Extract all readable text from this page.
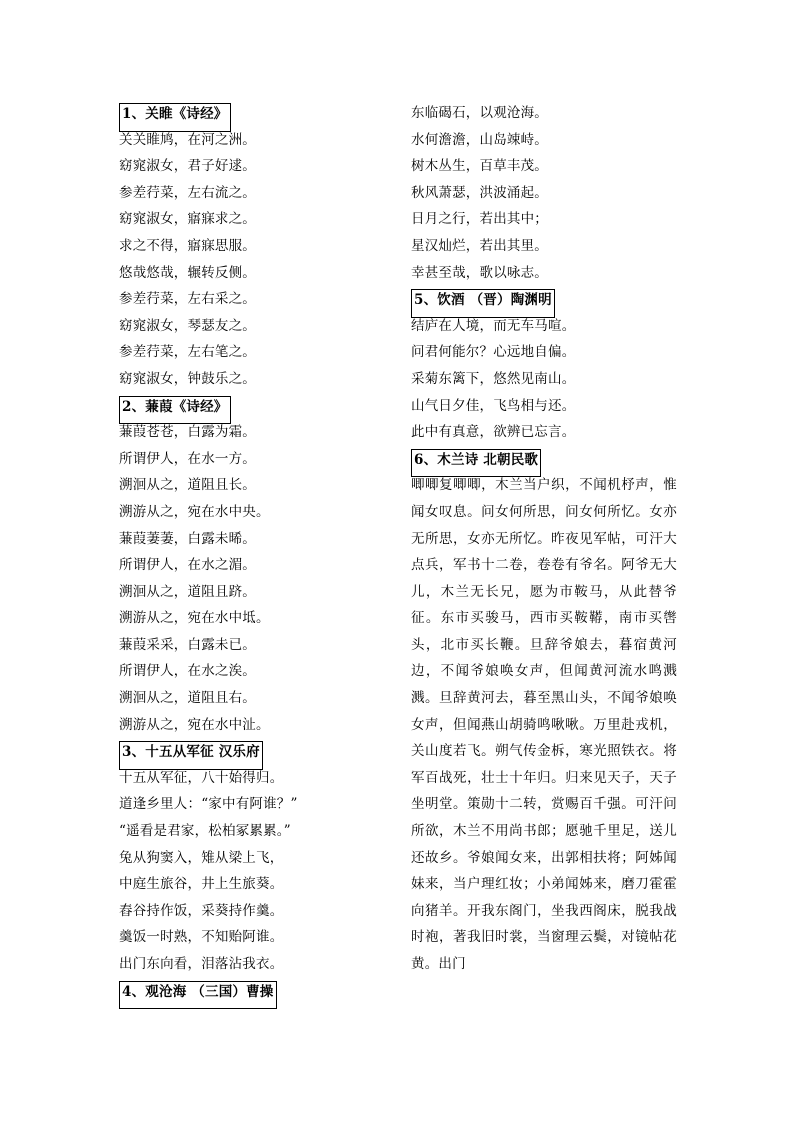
1、关睢《诗经》
关关睢鸠，在河之洲。
窈窕淑女，君子好逑。
参差荇菜，左右流之。
窈窕淑女，寤寐求之。
求之不得，寤寐思服。
悠哉悠哉，辗转反侧。
参差荇菜，左右采之。
窈窕淑女，琴瑟友之。
参差荇菜，左右笔之。
窈窕淑女，钟鼓乐之。
2、蒹葭《诗经》
蒹葭苍苍，白露为霜。
所谓伊人，在水一方。
溯洄从之，道阻且长。
溯游从之，宛在水中央。
蒹葭萋萋，白露未晞。
所谓伊人，在水之湄。
溯洄从之，道阻且跻。
溯游从之，宛在水中坻。
蒹葭采采，白露未已。
所谓伊人，在水之涘。
溯洄从之，道阻且右。
溯游从之，宛在水中沚。
3、十五从军征 汉乐府
十五从军征，八十始得归。
道逢乡里人：“家中有阿谁？”
“遥看是君家，松柏冢累累。”
兔从狗窦入，雉从梁上飞，
中庭生旅谷，井上生旅葵。
舂谷持作饭，采葵持作羹。
羹饭一时熟，不知贻阿谁。
出门东向看，泪落沾我衣。
4、观沧海 （三国）曹操
东临碣石，以观沧海。
水何澹澹，山岛竦峙。
树木丛生，百草丰茂。
秋风萧瑟，洪波涌起。
日月之行，若出其中；
星汉灿烂，若出其里。
幸甚至哉，歌以咏志。
5、饮酒 （晋）陶渊明
结庐在人境，而无车马喧。
问君何能尔？心远地自偏。
采菊东篱下，悠然见南山。
山气日夕佳，飞鸟相与还。
此中有真意，欲辨已忘言。
6、木兰诗 北朝民歌
唧唧复唧唧，木兰当户织，不闻机杼声，惟闻女叹息。问女何所思，问女何所忆。女亦无所思，女亦无所忆。昨夜见军帖，可汗大点兵，军书十二卷，卷卷有爷名。阿爷无大儿，木兰无长兄，愿为市鞍马，从此替爷征。东市买骏马，西市买鞍鞯，南市买辔头，北市买长鞭。旦辞爷娘去，暮宿黄河边，不闻爷娘唤女声，但闻黄河流水鸣溅溅。旦辞黄河去，暮至黑山头，不闻爷娘唤女声，但闻燕山胡骑鸣啾啾。万里赴戎机，关山度若飞。朔气传金柝，寒光照铁衣。将军百战死，壮士十年归。归来见天子，天子坐明堂。策勋十二转，赏赐百千强。可汗问所欲，木兰不用尚书郎；愿驰千里足，送儿还故乡。爷娘闻女来，出郭相扶将；阿姊闻妹来，当户理红妆；小弟闻姊来，磨刀霍霍向猪羊。开我东阁门，坐我西阁床，脱我战时袍，著我旧时裳，当窗理云鬓，对镜帖花黄。出门
